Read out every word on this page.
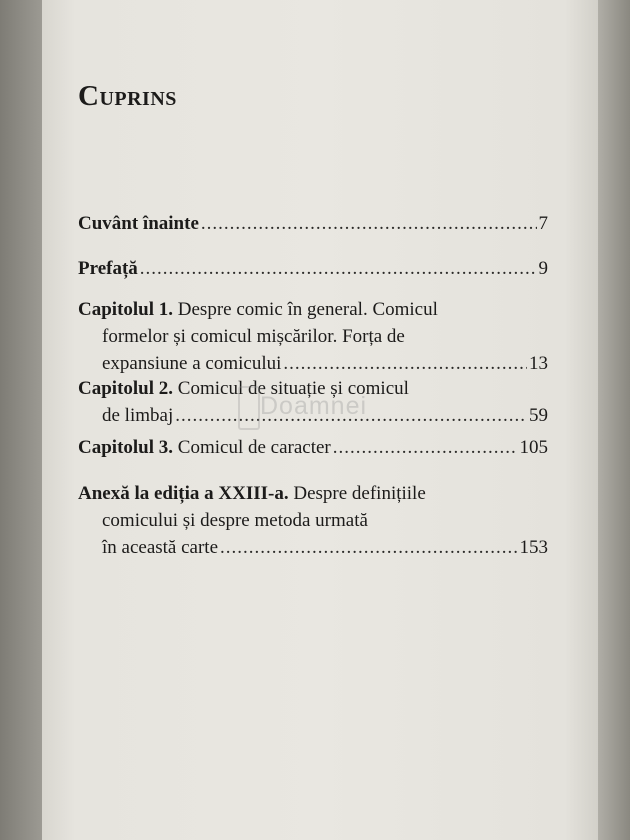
Cuprins
Cuvânt înainte .....	7
Prefață .....	9
Capitolul 1.
Despre comic în general. Comicul
formelor și comicul mișcărilor. Forța de
expansiune a comicului .....	13
Capitolul 2.
Comicul de situație și comicul
de limbaj .....	59
Capitolul 3.
Comicul de caracter .....	105
Anexă la ediția a XXIII-a.
Despre definițiile
comicului și despre metoda urmată
în această carte .....	153
Doamnei
